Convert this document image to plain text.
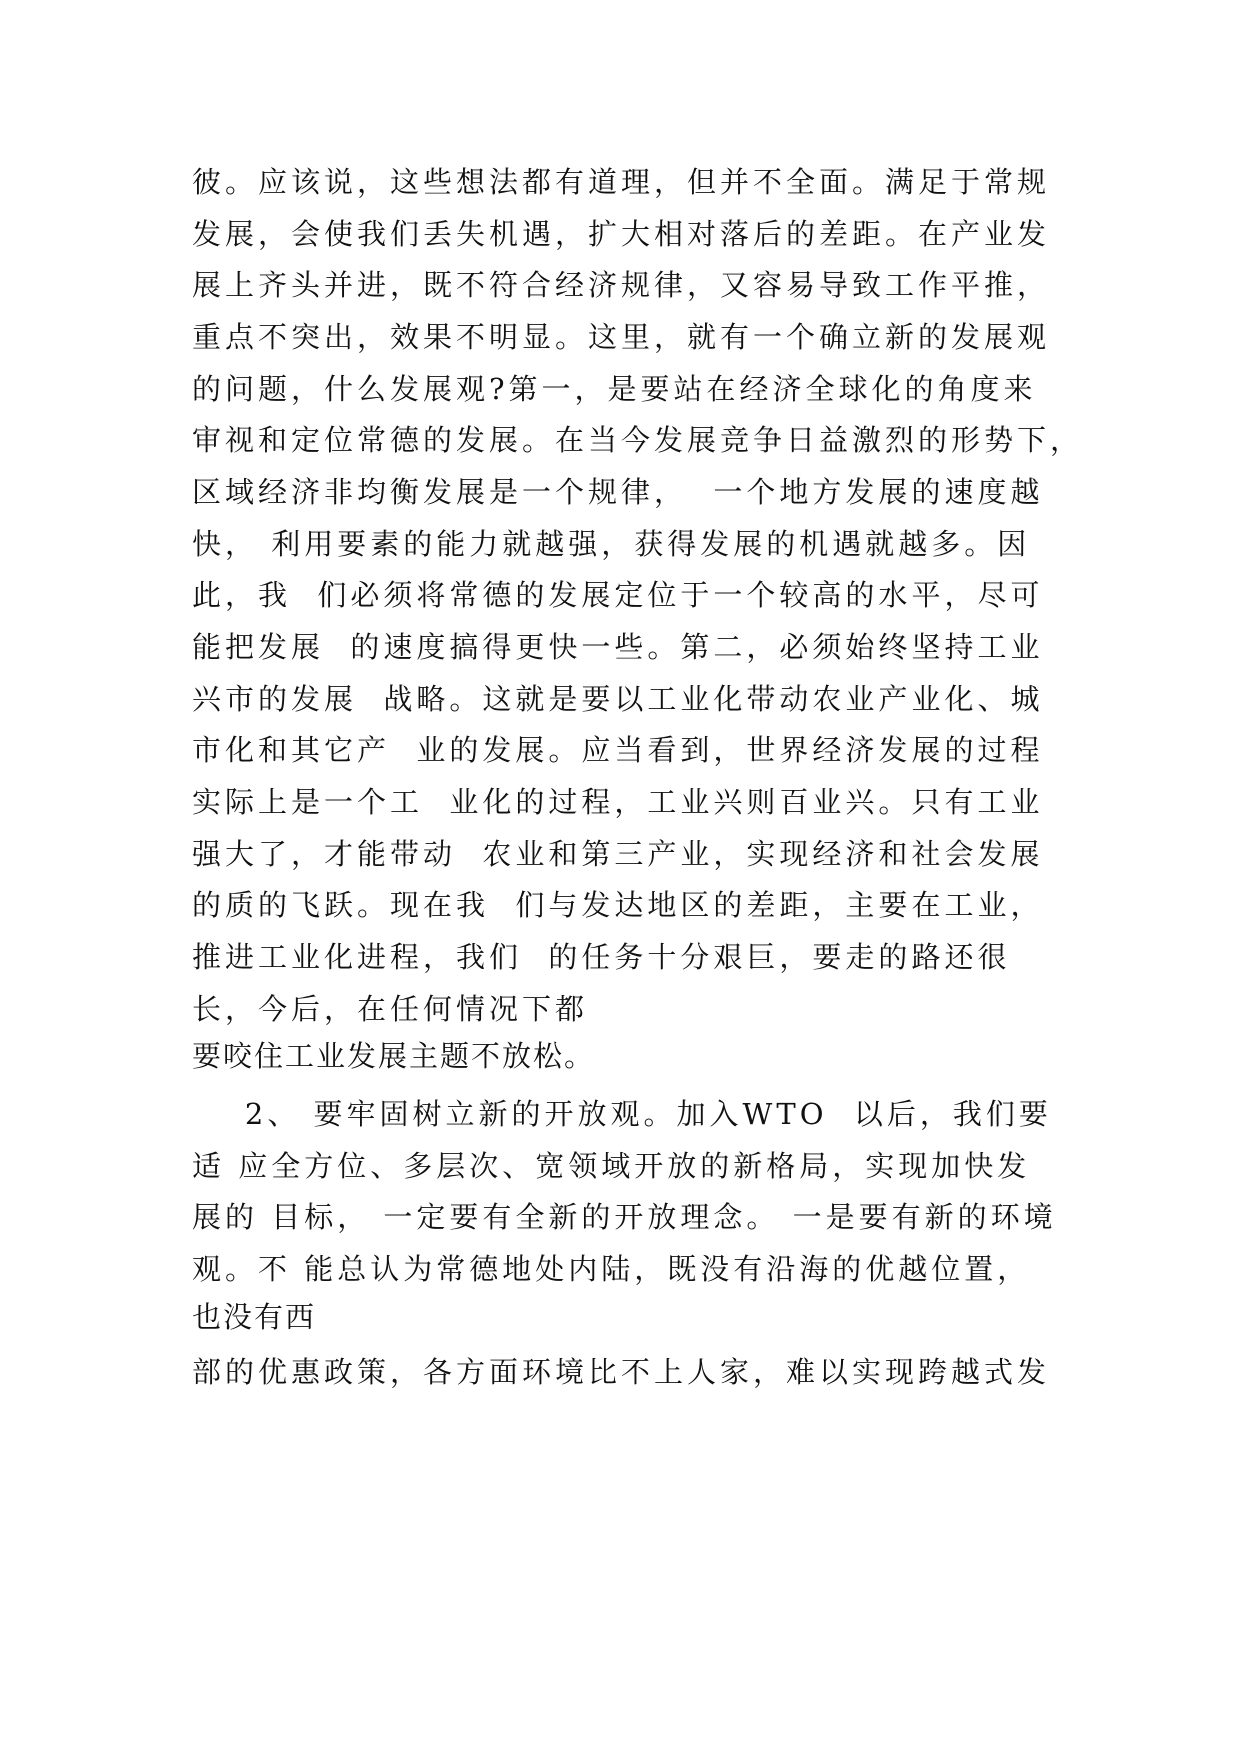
彼。应该说，这些想法都有道理，但并不全面。满足于常规

发展，会使我们丢失机遇，扩大相对落后的差距。在产业发

展上齐头并进，既不符合经济规律，又容易导致工作平推，

重点不突出，效果不明显。这里，就有一个确立新的发展观

的问题，什么发展观?第一，是要站在经济全球化的角度来

审视和定位常德的发展。在当今发展竞争日益激烈的形势下，

区域经济非均衡发展是一个规律，  一个地方发展的速度越

快， 利用要素的能力就越强，获得发展的机遇就越多。因

此，我  们必须将常德的发展定位于一个较高的水平，尽可

能把发展  的速度搞得更快一些。第二，必须始终坚持工业

兴市的发展  战略。这就是要以工业化带动农业产业化、城

市化和其它产  业的发展。应当看到，世界经济发展的过程

实际上是一个工  业化的过程，工业兴则百业兴。只有工业

强大了，才能带动  农业和第三产业，实现经济和社会发展

的质的飞跃。现在我  们与发达地区的差距，主要在工业，

推进工业化进程，我们  的任务十分艰巨，要走的路还很

长，今后，在任何情况下都

要咬住工业发展主题不放松。

2、 要牢固树立新的开放观。加入WTO  以后，我们要

适 应全方位、多层次、宽领域开放的新格局，实现加快发

展的 目标， 一定要有全新的开放理念。 一是要有新的环境

观。不 能总认为常德地处内陆，既没有沿海的优越位置，

也没有西

部的优惠政策，各方面环境比不上人家，难以实现跨越式发
